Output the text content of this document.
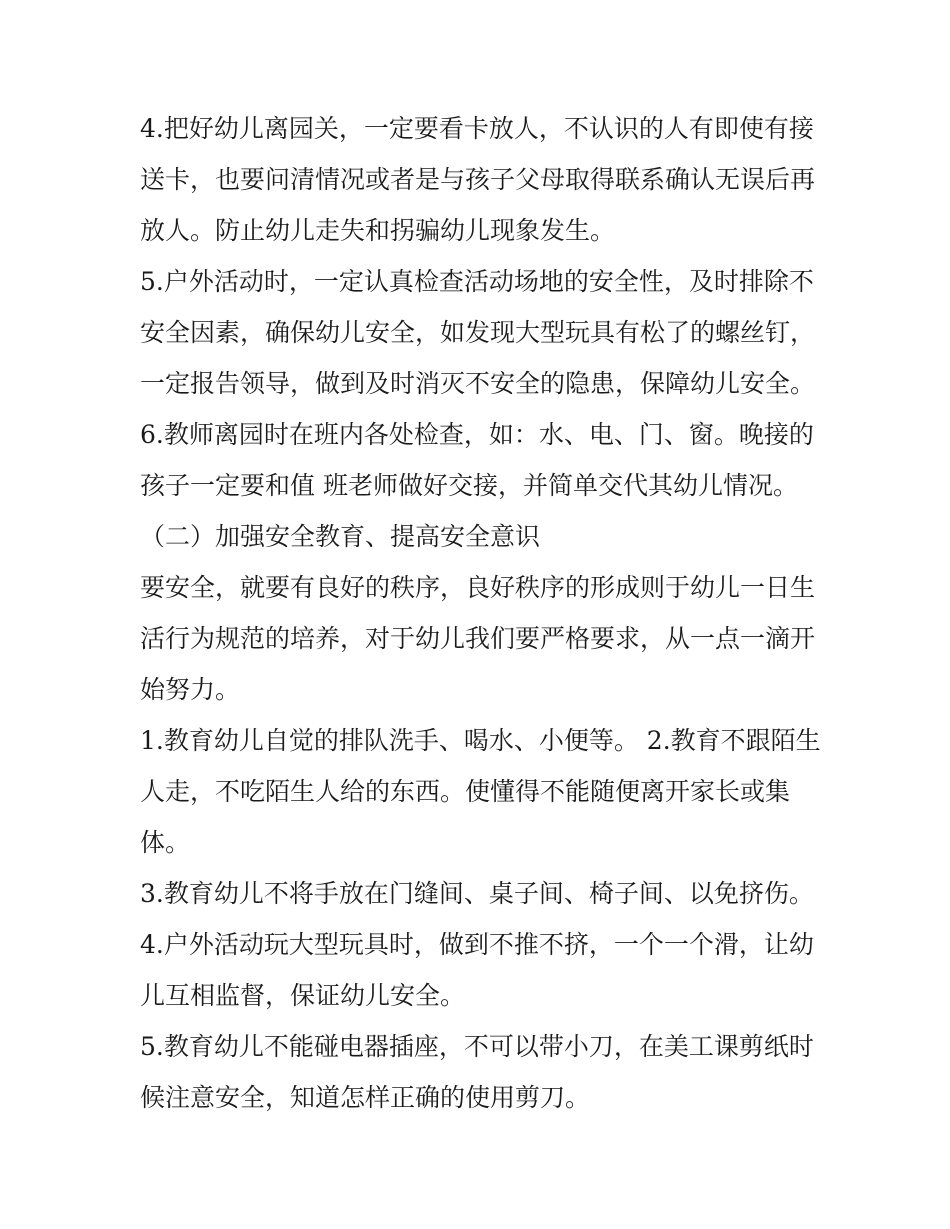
4.把好幼儿离园关，一定要看卡放人，不认识的人有即使有接
送卡，也要问清情况或者是与孩子父母取得联系确认无误后再
放人。防止幼儿走失和拐骗幼儿现象发生。
5.户外活动时，一定认真检查活动场地的安全性，及时排除不
安全因素，确保幼儿安全，如发现大型玩具有松了的螺丝钉，
一定报告领导，做到及时消灭不安全的隐患，保障幼儿安全。
6.教师离园时在班内各处检查，如：水、电、门、窗。晚接的
孩子一定要和值 班老师做好交接，并简单交代其幼儿情况。
（二）加强安全教育、提高安全意识
要安全，就要有良好的秩序，良好秩序的形成则于幼儿一日生
活行为规范的培养，对于幼儿我们要严格要求，从一点一滴开
始努力。
1.教育幼儿自觉的排队洗手、喝水、小便等。 2.教育不跟陌生
人走，不吃陌生人给的东西。使懂得不能随便离开家长或集
体。
3.教育幼儿不将手放在门缝间、桌子间、椅子间、以免挤伤。
4.户外活动玩大型玩具时，做到不推不挤，一个一个滑，让幼
儿互相监督，保证幼儿安全。
5.教育幼儿不能碰电器插座，不可以带小刀，在美工课剪纸时
候注意安全，知道怎样正确的使用剪刀。
